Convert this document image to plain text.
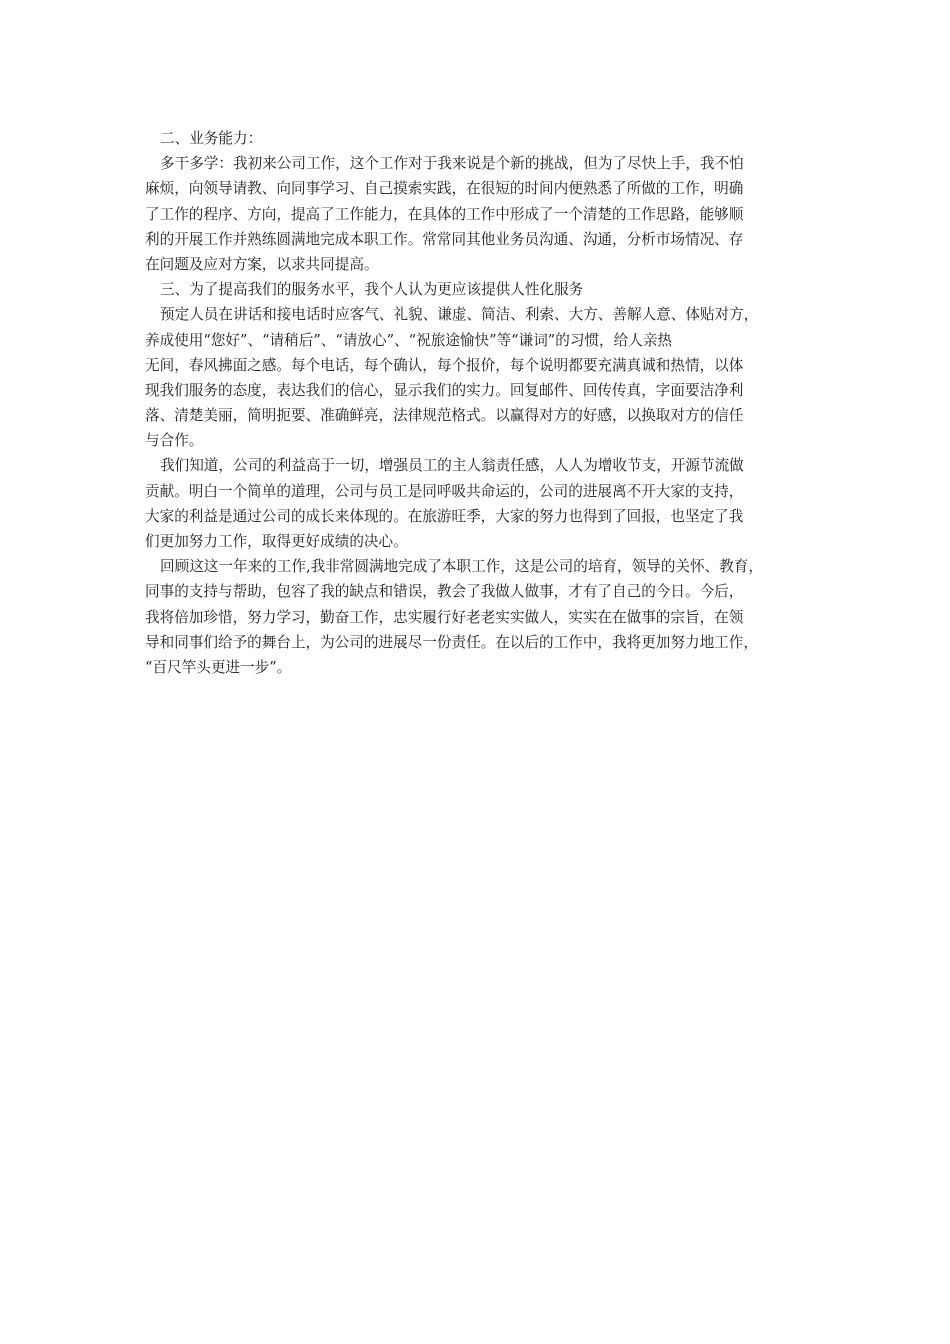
二、业务能力：
多干多学：我初来公司工作，这个工作对于我来说是个新的挑战，但为了尽快上手，我不怕
麻烦，向领导请教、向同事学习、自己摸索实践，在很短的时间内便熟悉了所做的工作，明确
了工作的程序、方向，提高了工作能力，在具体的工作中形成了一个清楚的工作思路，能够顺
利的开展工作并熟练圆满地完成本职工作。常常同其他业务员沟通、沟通，分析市场情况、存
在问题及应对方案，以求共同提高。
三、为了提高我们的服务水平，我个人认为更应该提供人性化服务
预定人员在讲话和接电话时应客气、礼貌、谦虚、简洁、利索、大方、善解人意、体贴对方，
养成使用“您好”、“请稍后”、“请放心”、“祝旅途愉快”等“谦词”的习惯，给人亲热
无间，春风拂面之感。每个电话，每个确认，每个报价，每个说明都要充满真诚和热情，以体
现我们服务的态度，表达我们的信心，显示我们的实力。回复邮件、回传传真，字面要洁净利
落、清楚美丽，简明扼要、准确鲜亮，法律规范格式。以赢得对方的好感，以换取对方的信任
与合作。
我们知道，公司的利益高于一切，增强员工的主人翁责任感，人人为增收节支，开源节流做
贡献。明白一个简单的道理，公司与员工是同呼吸共命运的，公司的进展离不开大家的支持，
大家的利益是通过公司的成长来体现的。在旅游旺季，大家的努力也得到了回报，也坚定了我
们更加努力工作，取得更好成绩的决心。
回顾这这一年来的工作,我非常圆满地完成了本职工作，这是公司的培育，领导的关怀、教育，
同事的支持与帮助，包容了我的缺点和错误，教会了我做人做事，才有了自己的今日。今后，
我将倍加珍惜，努力学习，勤奋工作，忠实履行好老老实实做人，实实在在做事的宗旨，在领
导和同事们给予的舞台上，为公司的进展尽一份责任。在以后的工作中，我将更加努力地工作，
“百尺竿头更进一步”。
